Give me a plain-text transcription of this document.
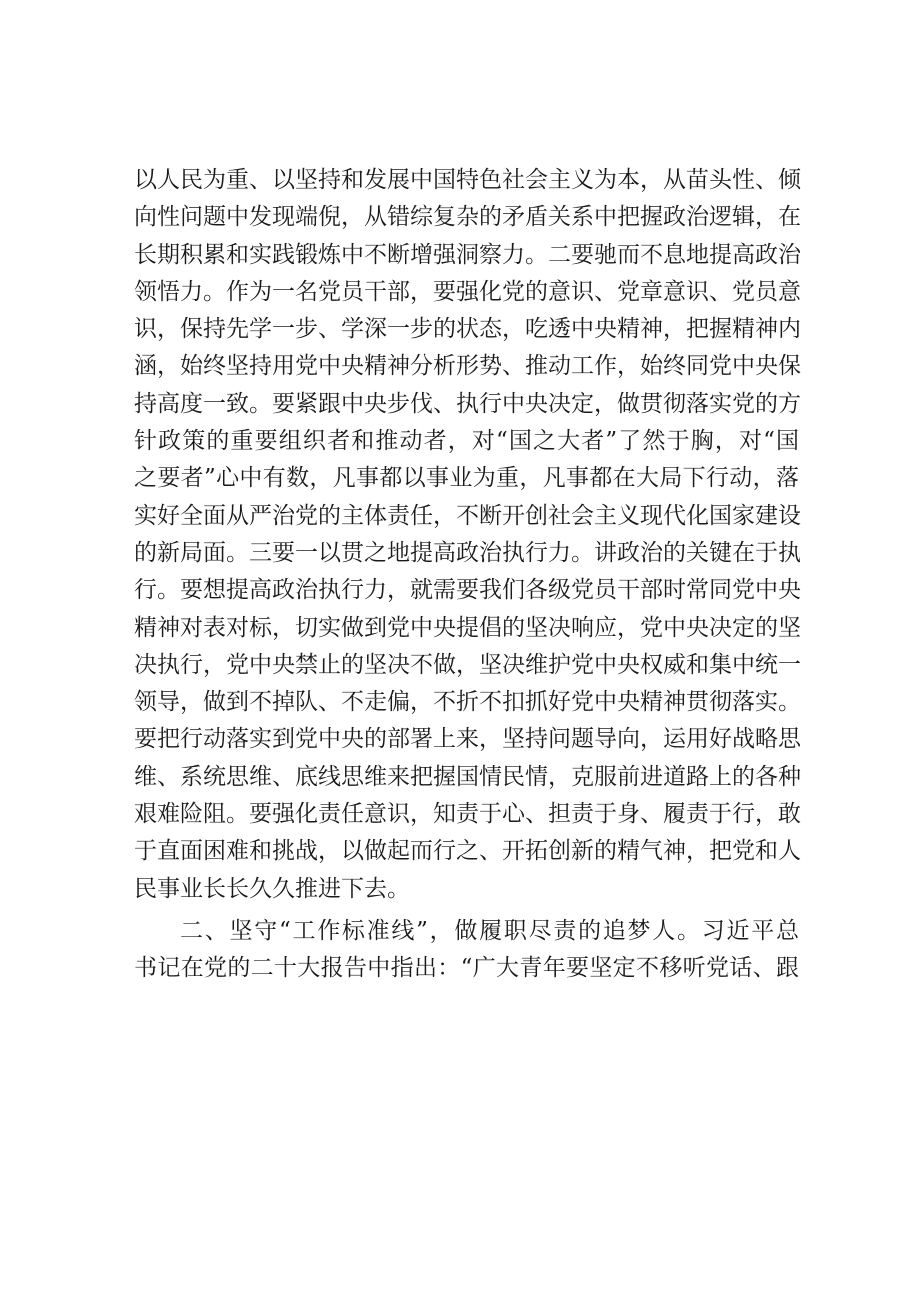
以人民为重、以坚持和发展中国特色社会主义为本，从苗头性、倾
向性问题中发现端倪，从错综复杂的矛盾关系中把握政治逻辑，在
长期积累和实践锻炼中不断增强洞察力。二要驰而不息地提高政治
领悟力。作为一名党员干部，要强化党的意识、党章意识、党员意
识，保持先学一步、学深一步的状态，吃透中央精神，把握精神内
涵，始终坚持用党中央精神分析形势、推动工作，始终同党中央保
持高度一致。要紧跟中央步伐、执行中央决定，做贯彻落实党的方
针政策的重要组织者和推动者，对“国之大者”了然于胸，对“国
之要者”心中有数，凡事都以事业为重，凡事都在大局下行动，落
实好全面从严治党的主体责任，不断开创社会主义现代化国家建设
的新局面。三要一以贯之地提高政治执行力。讲政治的关键在于执
行。要想提高政治执行力，就需要我们各级党员干部时常同党中央
精神对表对标，切实做到党中央提倡的坚决响应，党中央决定的坚
决执行，党中央禁止的坚决不做，坚决维护党中央权威和集中统一
领导，做到不掉队、不走偏，不折不扣抓好党中央精神贯彻落实。
要把行动落实到党中央的部署上来，坚持问题导向，运用好战略思
维、系统思维、底线思维来把握国情民情，克服前进道路上的各种
艰难险阻。要强化责任意识，知责于心、担责于身、履责于行，敢
于直面困难和挑战，以做起而行之、开拓创新的精气神，把党和人
民事业长长久久推进下去。
二、坚守“工作标准线”，做履职尽责的追梦人。习近平总
书记在党的二十大报告中指出：“广大青年要坚定不移听党话、跟
